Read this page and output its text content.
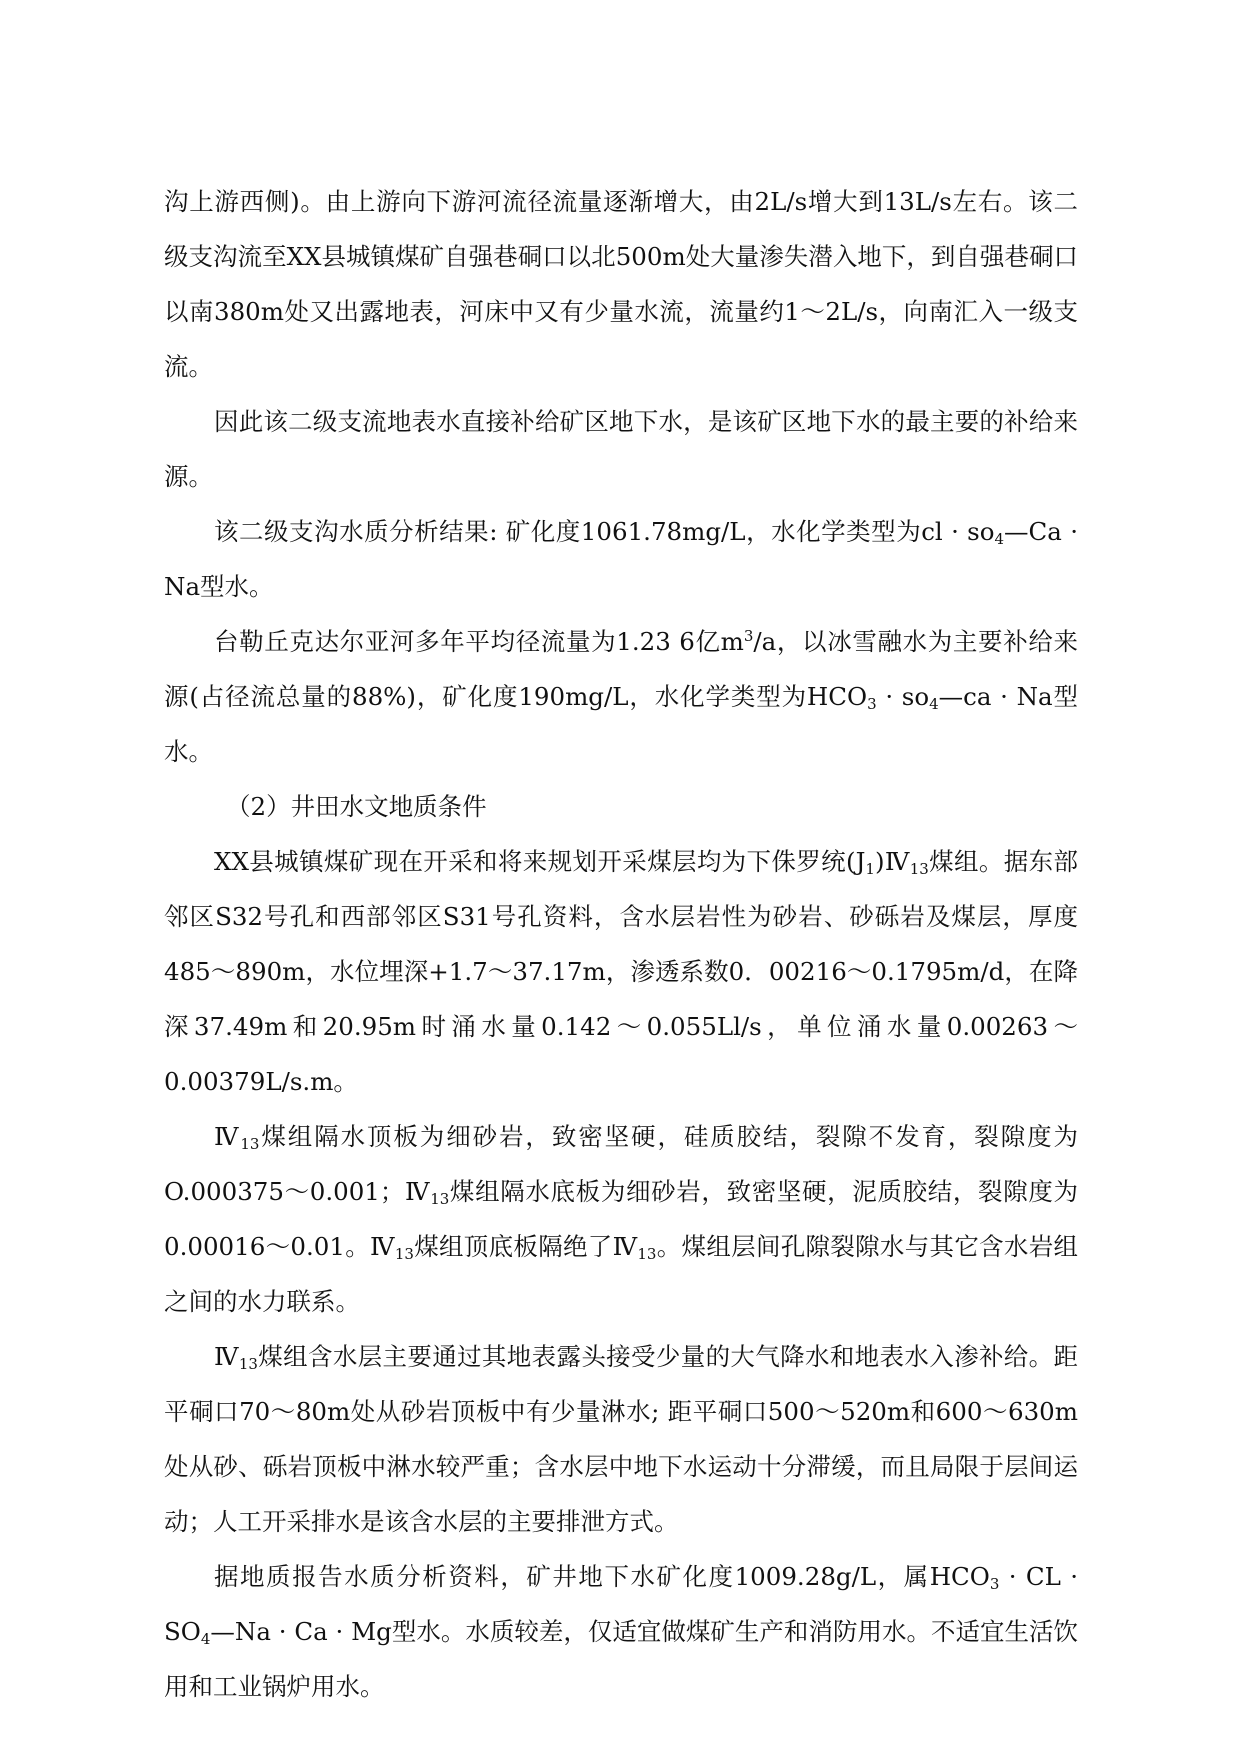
沟上游西侧)。由上游向下游河流径流量逐渐增大，由2L/s增大到13L/s左右。该二级支沟流至XX县城镇煤矿自强巷硐口以北500m处大量渗失潜入地下，到自强巷硐口以南380m处又出露地表，河床中又有少量水流，流量约1～2L/s，向南汇入一级支流。

因此该二级支流地表水直接补给矿区地下水，是该矿区地下水的最主要的补给来源。

该二级支沟水质分析结果: 矿化度1061.78mg/L，水化学类型为cl · $so_4—Ca \cdot Na$型水。

台勒丘克达尔亚河多年平均径流量为1.23 6亿$m^3/a$，以冰雪融水为主要补给来源(占径流总量的88%)，矿化度190mg/L，水化学类型为$HCO_3$ · $so_4—ca \cdot Na$型水。

（2）井田水文地质条件

XX县城镇煤矿现在开采和将来规划开采煤层均为下侏罗统$(J_1)Ⅳ_{13}$煤组。据东部邻区S32号孔和西部邻区S31号孔资料，含水层岩性为砂岩、砂砾岩及煤层，厚度485～890m，水位埋深+1.7～37.17m，渗透系数0．00216～0.1795m/d，在降深37.49m和20.95m时涌水量0.142～0.055Ll/s，单位涌水量0.00263～0.00379L/s.m。

$Ⅳ_{13}$煤组隔水顶板为细砂岩，致密坚硬，硅质胶结，裂隙不发育，裂隙度为O.000375～0.001；$Ⅳ_{13}$煤组隔水底板为细砂岩，致密坚硬，泥质胶结，裂隙度为0.00016～0.01。$Ⅳ_{13}$煤组顶底板隔绝了$Ⅳ_{13}$。煤组层间孔隙裂隙水与其它含水岩组之间的水力联系。

$Ⅳ_{13}$煤组含水层主要通过其地表露头接受少量的大气降水和地表水入渗补给。距平硐口70～80m处从砂岩顶板中有少量淋水; 距平硐口500～520m和600～630m处从砂、砾岩顶板中淋水较严重；含水层中地下水运动十分滞缓，而且局限于层间运动；人工开采排水是该含水层的主要排泄方式。

据地质报告水质分析资料，矿井地下水矿化度1009.28g/L，属$HCO_3$ · CL · $SO_4—Na \cdot Ca \cdot Mg$型水。水质较差，仅适宜做煤矿生产和消防用水。不适宜生活饮用和工业锅炉用水。
